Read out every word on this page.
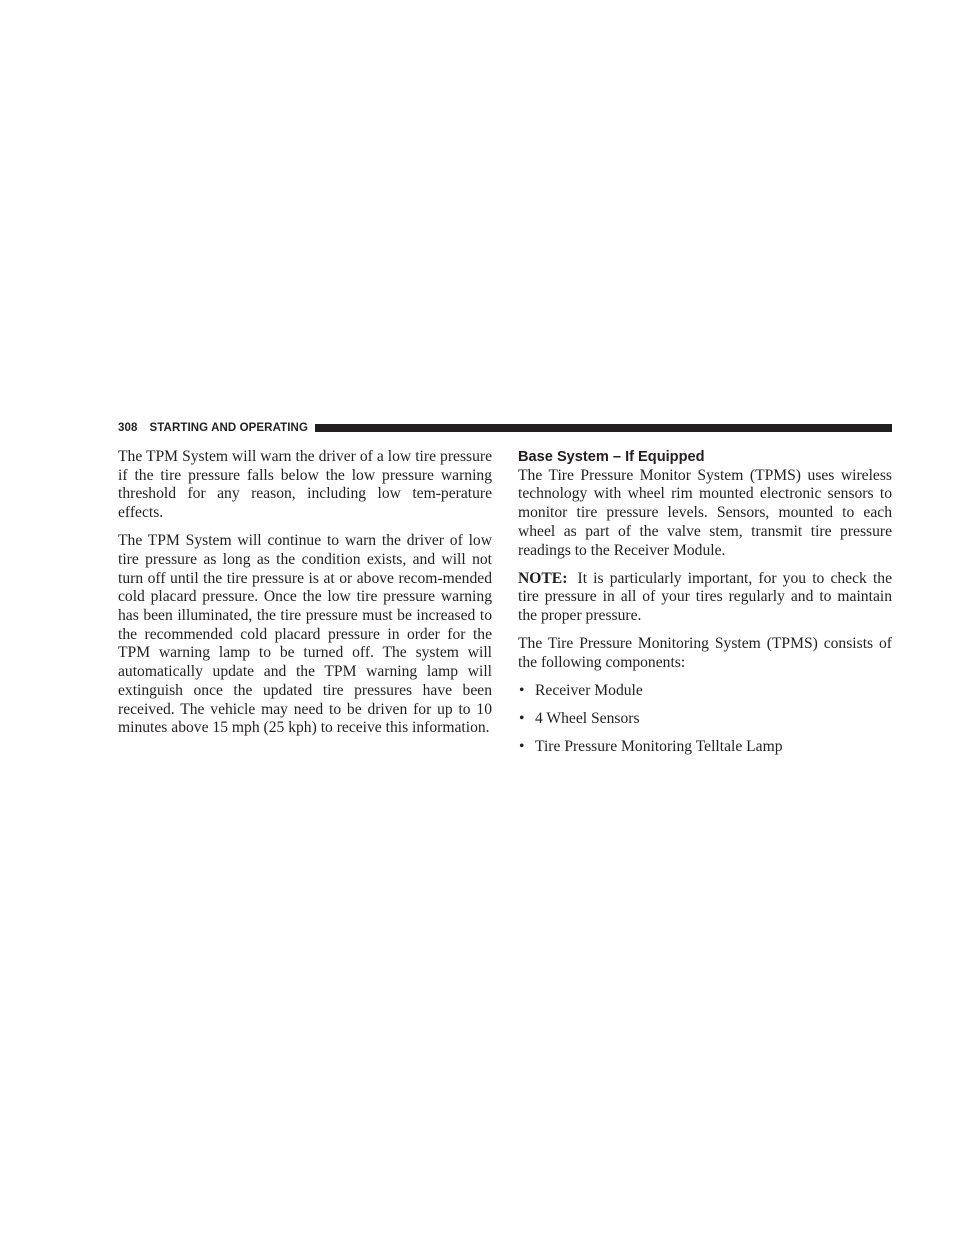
308 STARTING AND OPERATING

The TPM System will warn the driver of a low tire pressure if the tire pressure falls below the low pressure warning threshold for any reason, including low tem-perature effects.

The TPM System will continue to warn the driver of low tire pressure as long as the condition exists, and will not turn off until the tire pressure is at or above recom-mended cold placard pressure. Once the low tire pressure warning has been illuminated, the tire pressure must be increased to the recommended cold placard pressure in order for the TPM warning lamp to be turned off. The system will automatically update and the TPM warning lamp will extinguish once the updated tire pressures have been received. The vehicle may need to be driven for up to 10 minutes above 15 mph (25 kph) to receive this information.

Base System – If Equipped

The Tire Pressure Monitor System (TPMS) uses wireless technology with wheel rim mounted electronic sensors to monitor tire pressure levels. Sensors, mounted to each wheel as part of the valve stem, transmit tire pressure readings to the Receiver Module.

NOTE: It is particularly important, for you to check the tire pressure in all of your tires regularly and to maintain the proper pressure.

The Tire Pressure Monitoring System (TPMS) consists of the following components:

• Receiver Module
• 4 Wheel Sensors
• Tire Pressure Monitoring Telltale Lamp
